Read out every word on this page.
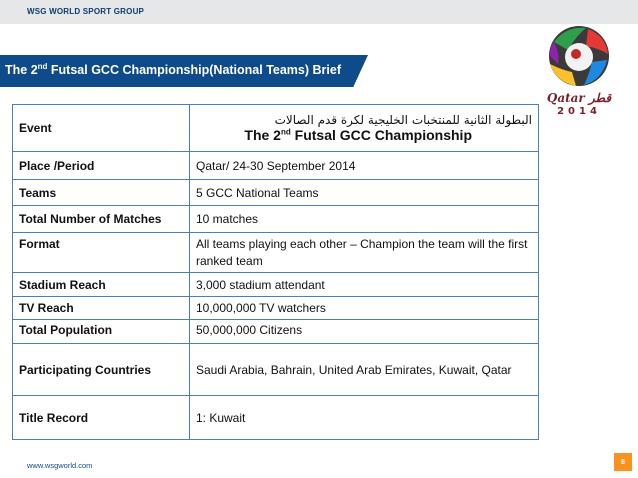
WSG WORLD SPORT GROUP
The 2nd Futsal GCC Championship(National Teams) Brief
Qatar قطر
2014
Event	البطولة الثانية للمنتخبات الخليجية لكرة قدم الصالات
The 2nd Futsal GCC Championship

Place /Period	Qatar/ 24-30 September 2014
Teams	5 GCC National Teams
Total Number of Matches	10 matches
Format	All teams playing each other – Champion the team will the first ranked team
Stadium Reach	3,000 stadium attendant
TV Reach	10,000,000 TV watchers
Total Population	50,000,000 Citizens
Participating Countries	Saudi Arabia, Bahrain, United Arab Emirates, Kuwait, Qatar
Title Record	1: Kuwait
www.wsgworld.com	8
